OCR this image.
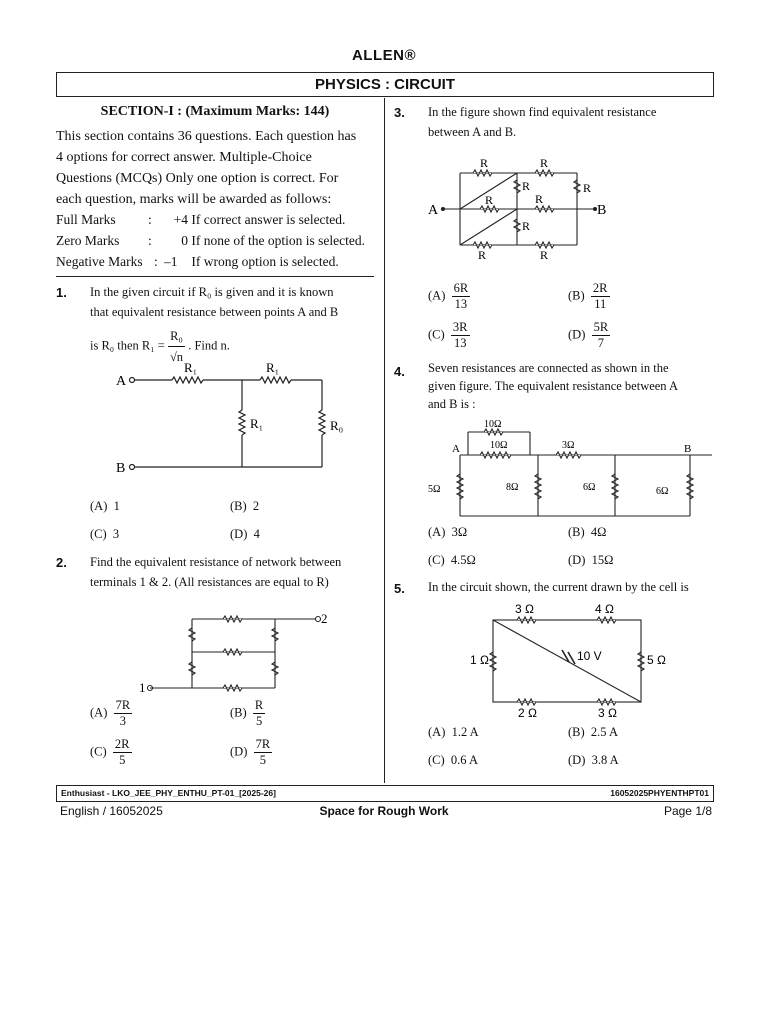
ALLEN®
PHYSICS : CIRCUIT
SECTION-I : (Maximum Marks: 144)
This section contains 36 questions. Each question has
4 options for correct answer. Multiple-Choice
Questions (MCQs) Only one option is correct. For
each question, marks will be awarded as follows:
Full Marks : +4 If correct answer is selected.
Zero Marks : 0 If none of the option is selected.
Negative Marks : –1 If wrong option is selected.
1. In the given circuit if R₀ is given and it is known
that equivalent resistance between points A and B
is R₀ then $R_1 = \frac{\text{R₀}}{√n}$ . Find n.
A
B
R₁	R₁
R₁	R₀
(A) 1	(B) 2
(C) 3	(D) 4
2. Find the equivalent resistance of network between
terminals 1 & 2. (All resistances are equal to R)
2
1
$(A) \frac{7R}{3}$	$(B) \frac{R}{5}$
$(C) \frac{2R}{5}$	$(D) \frac{7R}{5}$
3. In the figure shown find equivalent resistance
between A and B.
A	B
R	R
R
R	R
R
R
R	R
$(A) \frac{6R}{13}$	$(B) \frac{2R}{11}$
$(C) \frac{3R}{13}$	$(D) \frac{5R}{7}$
4. Seven resistances are connected as shown in the
given figure. The equivalent resistance between A
and B is :
A	B
10Ω
10Ω	3Ω
5Ω	8Ω	6Ω	6Ω
(A) 3Ω	(B) 4Ω
(C) 4.5Ω	(D) 15Ω
5. In the circuit shown, the current drawn by the cell is
3 Ω	4 Ω
1 Ω	5 Ω
2 Ω	3 Ω
10 V
(A) 1.2 A	(B) 2.5 A
(C) 0.6 A	(D) 3.8 A
Enthusiast - LKO_JEE_PHY_ENTHU_PT-01_[2025-26]	16052025PHYENTHPT01
English / 16052025	Space for Rough Work	Page 1/8
